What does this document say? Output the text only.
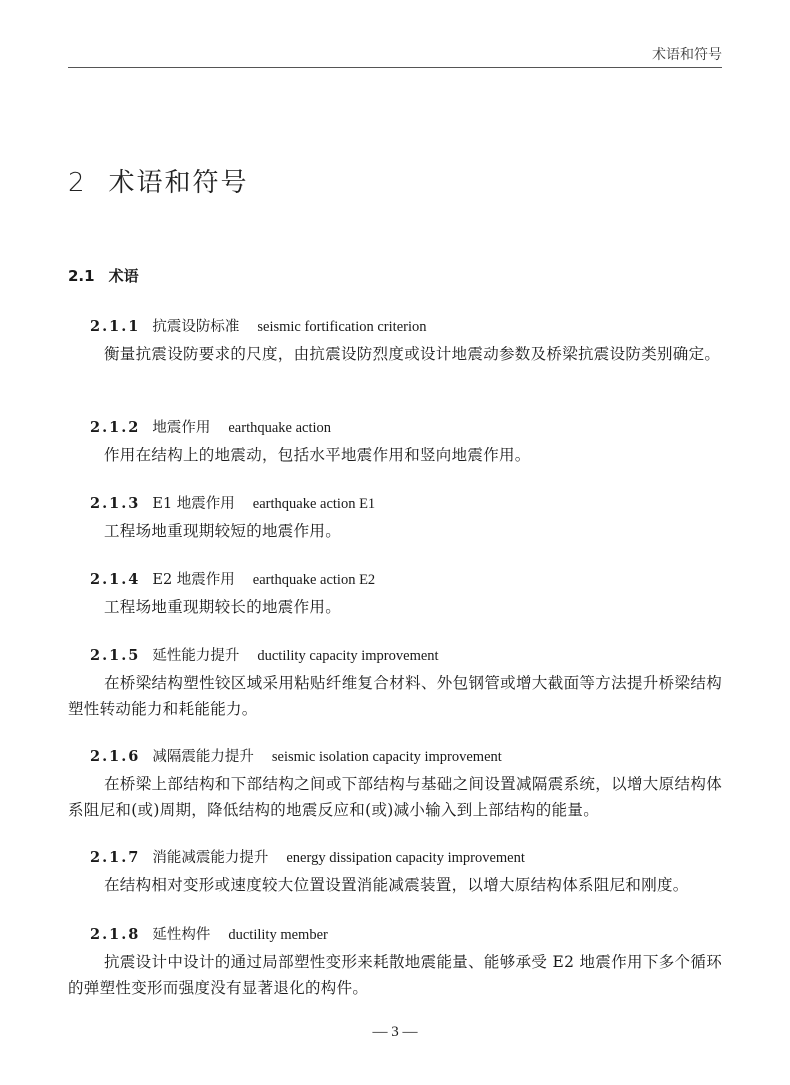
术语和符号
2 术语和符号
2.1 术语
2.1.1 抗震设防标准 seismic fortification criterion
衡量抗震设防要求的尺度，由抗震设防烈度或设计地震动参数及桥梁抗震设防类别确定。
2.1.2 地震作用 earthquake action
作用在结构上的地震动，包括水平地震作用和竖向地震作用。
2.1.3 E1 地震作用 earthquake action E1
工程场地重现期较短的地震作用。
2.1.4 E2 地震作用 earthquake action E2
工程场地重现期较长的地震作用。
2.1.5 延性能力提升 ductility capacity improvement
在桥梁结构塑性铰区域采用粘贴纤维复合材料、外包钢管或增大截面等方法提升桥梁结构塑性转动能力和耗能能力。
2.1.6 减隔震能力提升 seismic isolation capacity improvement
在桥梁上部结构和下部结构之间或下部结构与基础之间设置减隔震系统，以增大原结构体系阻尼和(或)周期，降低结构的地震反应和(或)减小输入到上部结构的能量。
2.1.7 消能减震能力提升 energy dissipation capacity improvement
在结构相对变形或速度较大位置设置消能减震装置，以增大原结构体系阻尼和刚度。
2.1.8 延性构件 ductility member
抗震设计中设计的通过局部塑性变形来耗散地震能量、能够承受 E2 地震作用下多个循环的弹塑性变形而强度没有显著退化的构件。
— 3 —
